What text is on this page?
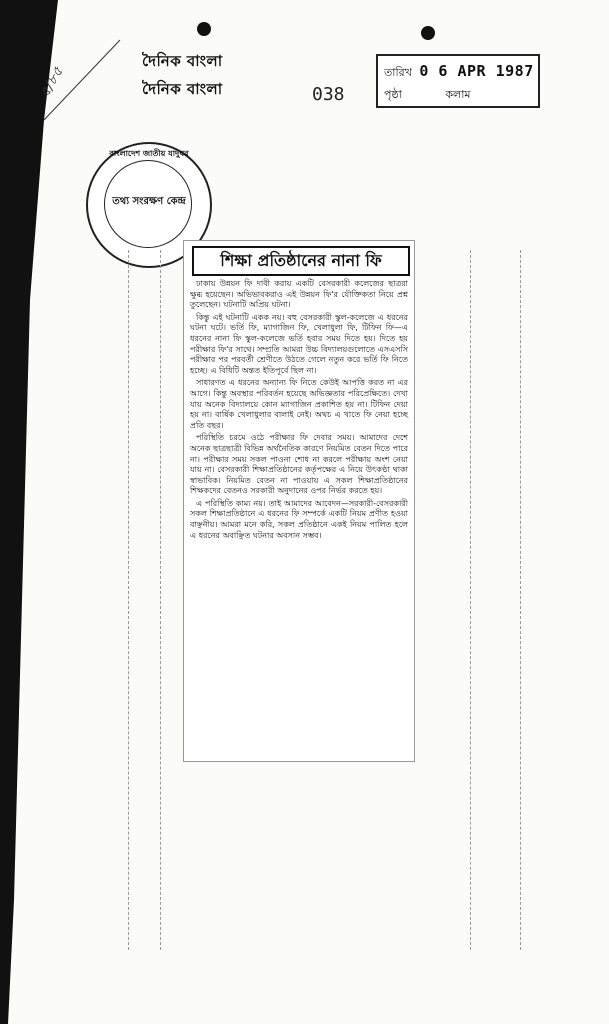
৫/৮৫
দৈনিক বাংলা
দৈনিক বাংলা	038
তারিখ 0 6 APR 1987
পৃষ্ঠা	কলাম
বাংলাদেশ জাতীয় যাদুঘর
তথ্য সংরক্ষণ কেন্দ্র
শিক্ষা প্রতিষ্ঠানের নানা ফি

ঢাকায় উন্নয়ন ফি দাবী করায় একটি বেসরকারী কলেজের ছাত্ররা ক্ষুব্ধ হয়েছেন। অভিভাবকরাও এই উন্নয়ন ফি'র যৌক্তিকতা নিয়ে প্রশ্ন তুলেছেন। ঘটনাটি অপ্রিয় ঘটনা।

কিন্তু এই ঘটনাটি একক নয়। বহু বেসরকারী স্কুল-কলেজে এ ধরনের ঘটনা ঘটে। ভর্তি ফি, ম্যাগাজিন ফি, খেলাধুলা ফি, টিফিন ফি—এ ধরনের নানা ফি স্কুল-কলেজে ভর্তি হবার সময় দিতে হয়। দিতে হয় পরীক্ষার ফি'র সাথে। সম্প্রতি আমরা উচ্চ বিদ্যালয়গুলোতে এসএসসি পরীক্ষার পর পরবর্তী শ্রেণীতে উঠতে গেলে নতুন করে ভর্তি ফি নিতে হচ্ছে। এ বিধিটি অন্তত ইতিপূর্বে ছিল না।

সাধারণত এ ধরনের অন্যান্য ফি নিতে কেউই আপত্তি করত না এর আগে। কিন্তু অবস্থার পরিবর্তন হয়েছে অভিজ্ঞতার পরিপ্রেক্ষিতে। দেখা যায় অনেক বিদ্যালয়ে কোন ম্যাগাজিন প্রকাশিত হয় না। টিফিন দেয়া হয় না। বার্ষিক খেলাধুলার বালাই নেই। অথচ এ খাতে ফি নেয়া হচ্ছে প্রতি বছর।

পরিস্থিতি চরমে ওঠে পরীক্ষার ফি দেবার সময়। আমাদের দেশে অনেক ছাত্রছাত্রী বিভিন্ন অর্থনৈতিক কারণে নিয়মিত বেতন দিতে পারে না। পরীক্ষার সময় সকল পাওনা শোধ না করলে পরীক্ষায় অংশ নেয়া যায় না। বেসরকারী শিক্ষাপ্রতিষ্ঠানের কর্তৃপক্ষের এ নিয়ে উৎকণ্ঠা থাকা স্বাভাবিক। নিয়মিত বেতন না পাওয়ায় এ সকল শিক্ষাপ্রতিষ্ঠানের শিক্ষকদের বেতনও সরকারী অনুদানের ওপর নির্ভর করতে হয়।

এ পরিস্থিতি কাম্য নয়। তাই আমাদের আবেদন—সরকারী-বেসরকারী সকল শিক্ষাপ্রতিষ্ঠানে এ ধরনের ফি সম্পর্কে একটি নিয়ম প্রণীত হওয়া বাঞ্ছনীয়। আমরা মনে করি, সকল প্রতিষ্ঠানে একই নিয়ম পালিত হলে এ ধরনের অবাঞ্ছিত ঘটনার অবসান সম্ভব।
